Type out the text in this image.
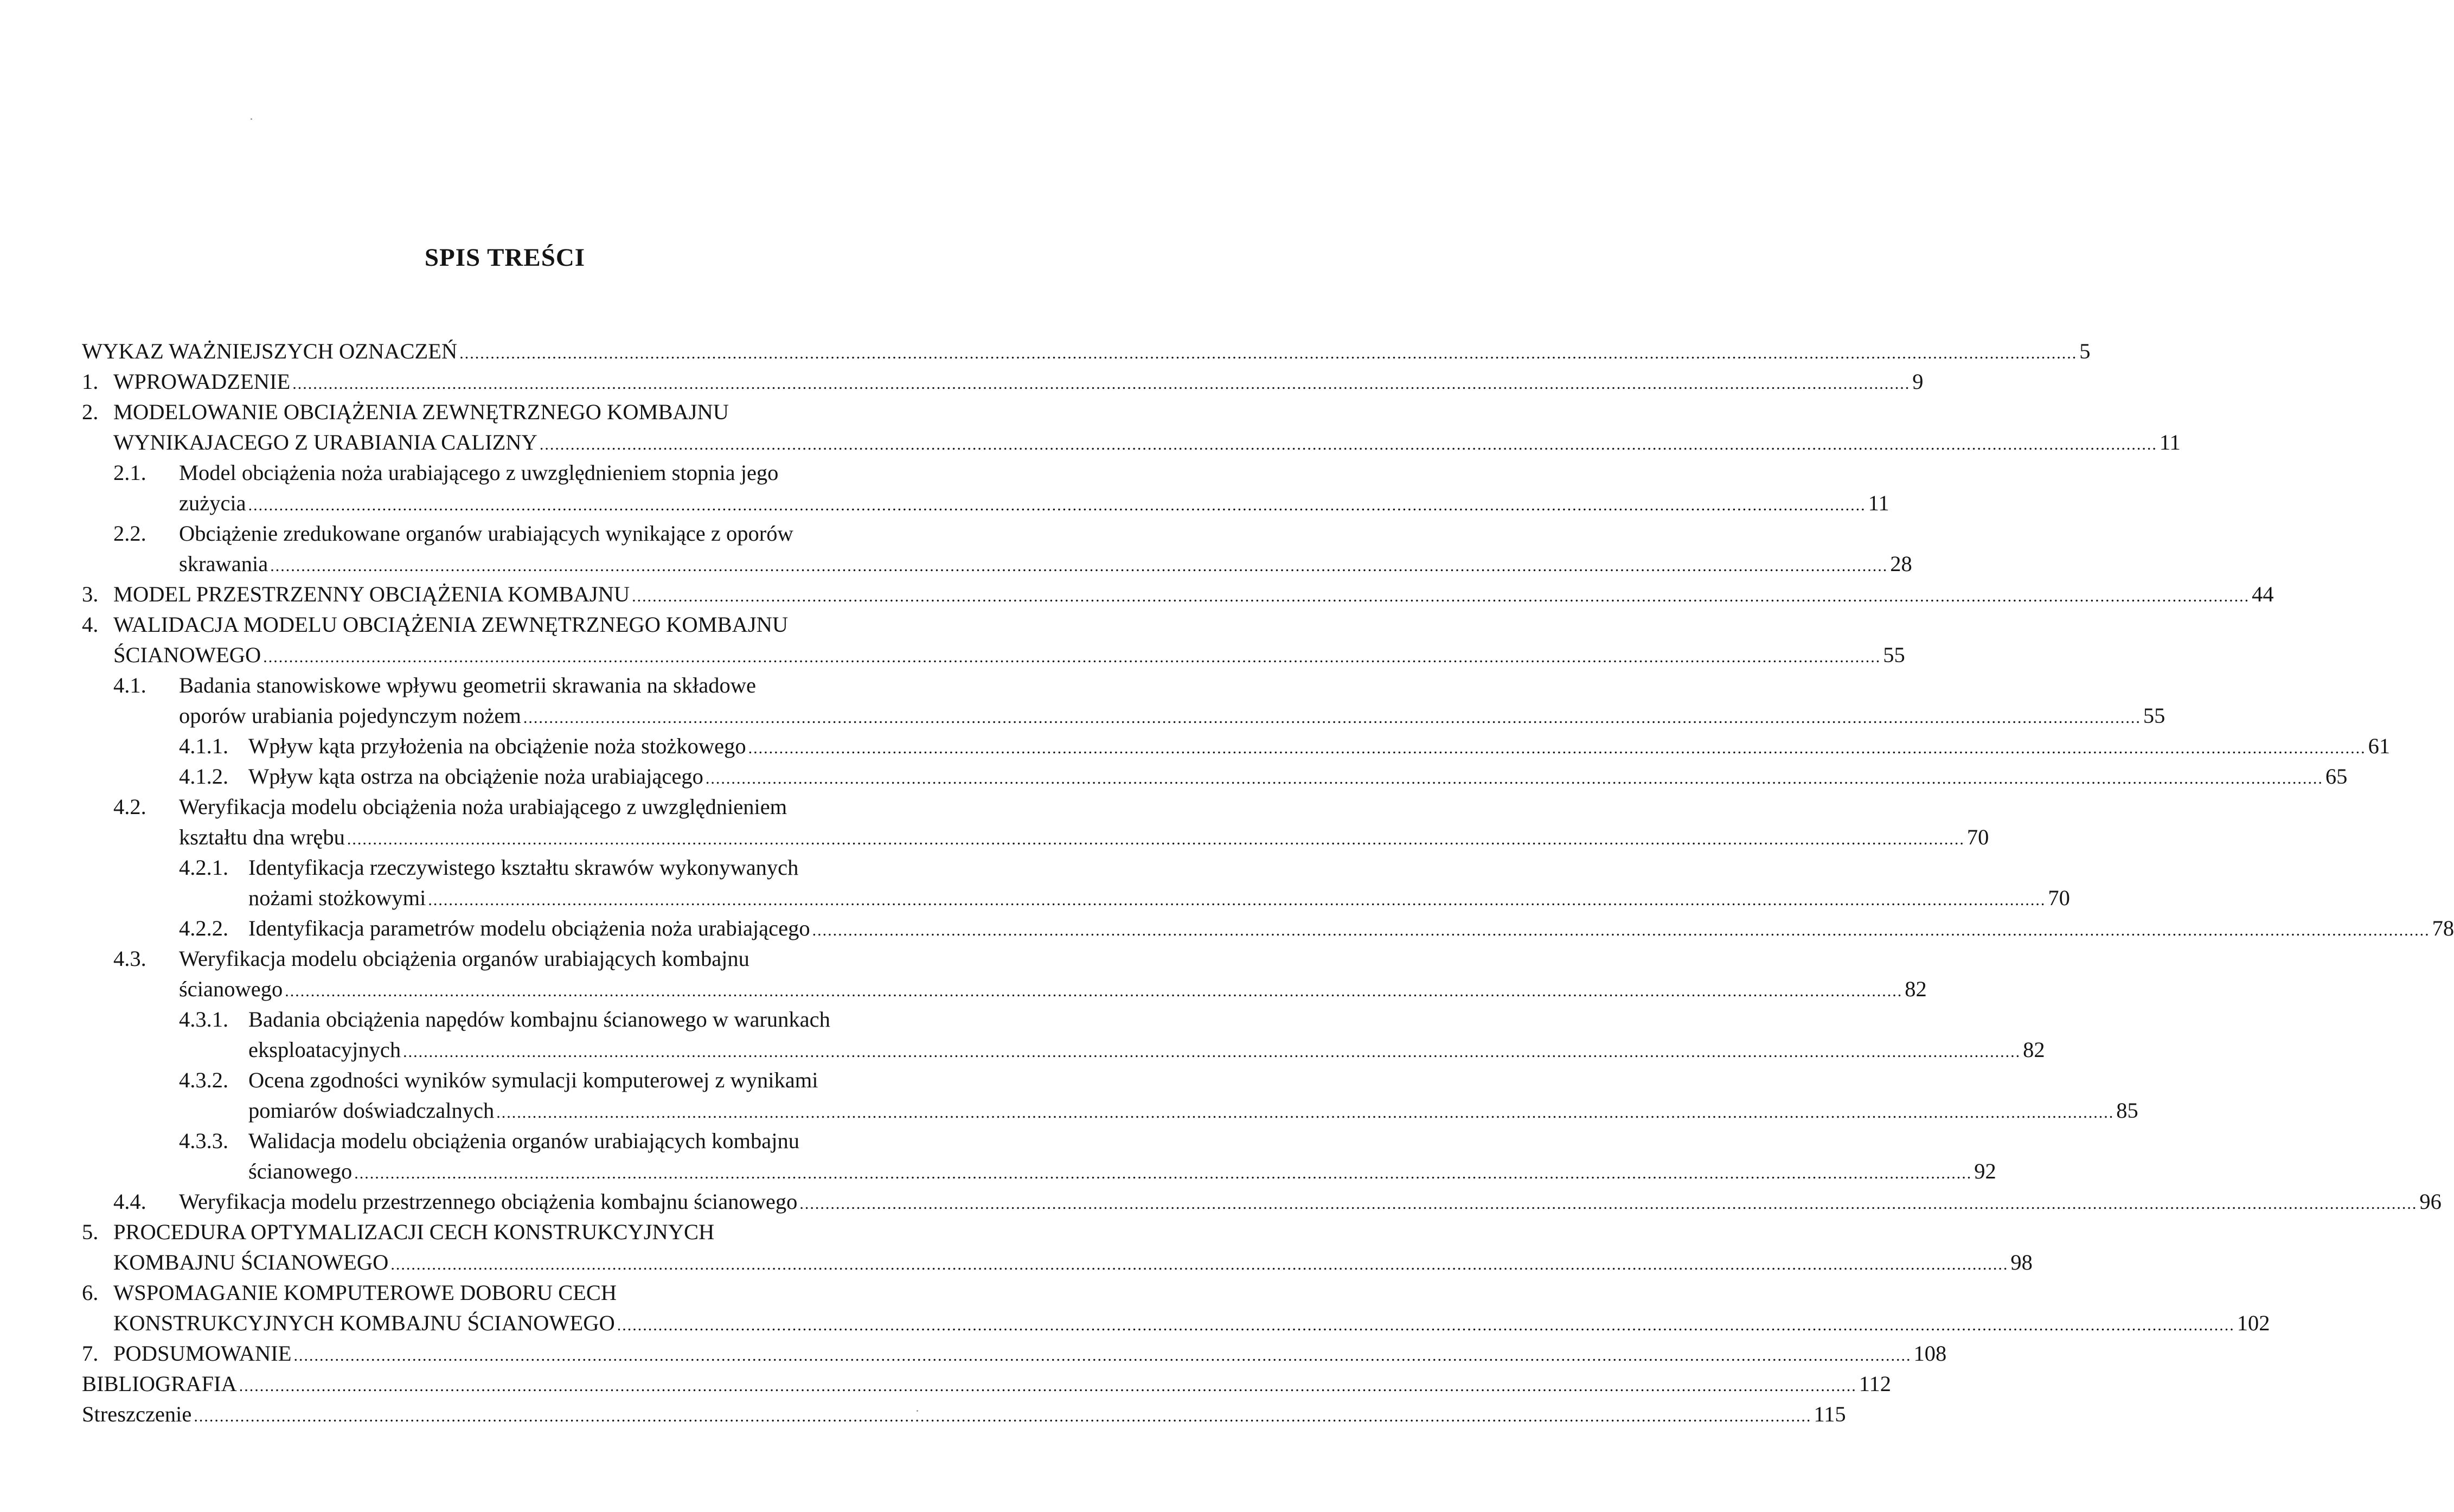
SPIS TREŚCI
WYKAZ WAŻNIEJSZYCH OZNACZEŃ .....	5
1. WPROWADZENIE .....	9
2. MODELOWANIE OBCIĄŻENIA ZEWNĘTRZNEGO KOMBAJNU
WYNIKAJACEGO Z URABIANIA CALIZNY .....	11
2.1.	Model obciążenia noża urabiającego z uwzględnieniem stopnia jego
zużycia .....	11
2.2.	Obciążenie zredukowane organów urabiających wynikające z oporów
skrawania .....	28
3. MODEL PRZESTRZENNY OBCIĄŻENIA KOMBAJNU .....	44
4. WALIDACJA MODELU OBCIĄŻENIA ZEWNĘTRZNEGO KOMBAJNU
ŚCIANOWEGO .....	55
4.1.	Badania stanowiskowe wpływu geometrii skrawania na składowe
oporów urabiania pojedynczym nożem .....	55
4.1.1. Wpływ kąta przyłożenia na obciążenie noża stożkowego .....	61
4.1.2. Wpływ kąta ostrza na obciążenie noża urabiającego .....	65
4.2.	Weryfikacja modelu obciążenia noża urabiającego z uwzględnieniem
kształtu dna wrębu .....	70
4.2.1. Identyfikacja rzeczywistego kształtu skrawów wykonywanych
nożami stożkowymi .....	70
4.2.2. Identyfikacja parametrów modelu obciążenia noża urabiającego .....	78
4.3.	Weryfikacja modelu obciążenia organów urabiających kombajnu
ścianowego .....	82
4.3.1. Badania obciążenia napędów kombajnu ścianowego w warunkach
eksploatacyjnych .....	82
4.3.2. Ocena zgodności wyników symulacji komputerowej z wynikami
pomiarów doświadczalnych .....	85
4.3.3. Walidacja modelu obciążenia organów urabiających kombajnu
ścianowego .....	92
4.4.	Weryfikacja modelu przestrzennego obciążenia kombajnu ścianowego .....	96
5. PROCEDURA OPTYMALIZACJI CECH KONSTRUKCYJNYCH
KOMBAJNU ŚCIANOWEGO .....	98
6. WSPOMAGANIE KOMPUTEROWE DOBORU CECH
KONSTRUKCYJNYCH KOMBAJNU ŚCIANOWEGO .....	102
7. PODSUMOWANIE .....	108
BIBLIOGRAFIA .....	112
Streszczenie .....	115
